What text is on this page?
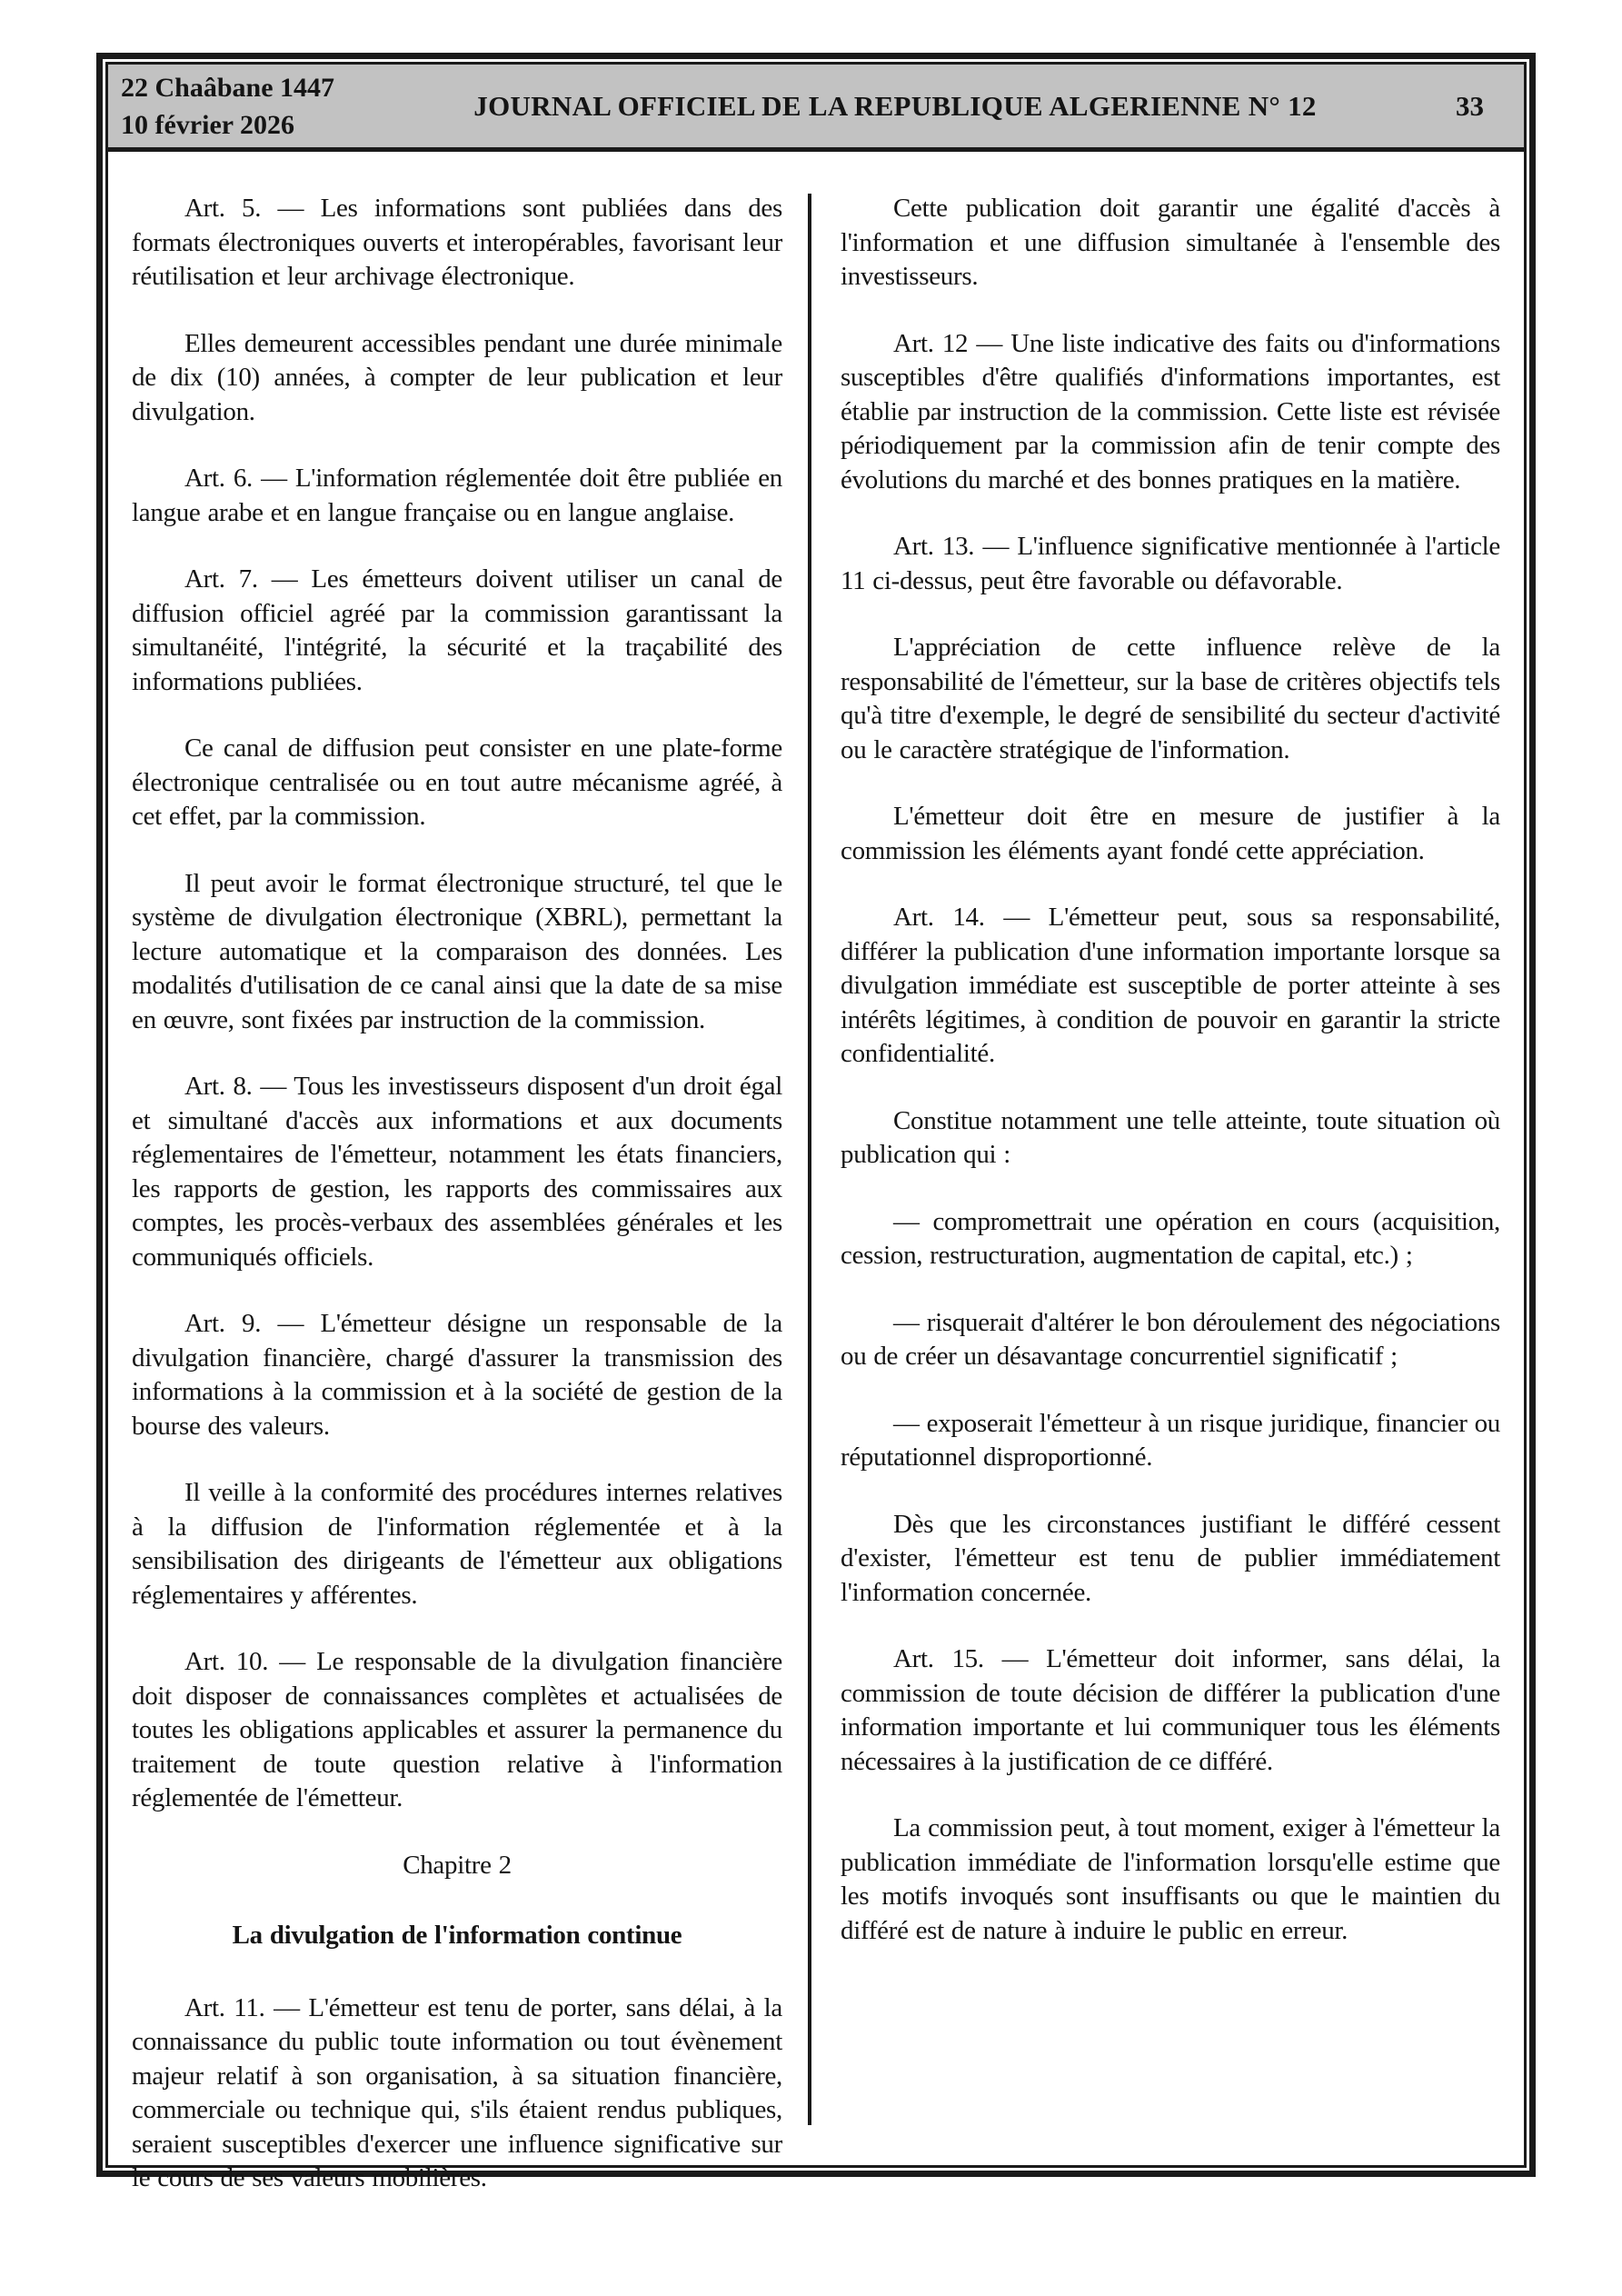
22 Chaâbane 1447
10 février 2026
JOURNAL OFFICIEL DE LA REPUBLIQUE ALGERIENNE N° 12	33

Art. 5. — Les informations sont publiées dans des formats électroniques ouverts et interopérables, favorisant leur réutilisation et leur archivage électronique.

Elles demeurent accessibles pendant une durée minimale de dix (10) années, à compter de leur publication et leur divulgation.

Art. 6. — L'information réglementée doit être publiée en langue arabe et en langue française ou en langue anglaise.

Art. 7. — Les émetteurs doivent utiliser un canal de diffusion officiel agréé par la commission garantissant la simultanéité, l'intégrité, la sécurité et la traçabilité des informations publiées.

Ce canal de diffusion peut consister en une plate-forme électronique centralisée ou en tout autre mécanisme agréé, à cet effet, par la commission.

Il peut avoir le format électronique structuré, tel que le système de divulgation électronique (XBRL), permettant la lecture automatique et la comparaison des données. Les modalités d'utilisation de ce canal ainsi que la date de sa mise en œuvre, sont fixées par instruction de la commission.

Art. 8. — Tous les investisseurs disposent d'un droit égal et simultané d'accès aux informations et aux documents réglementaires de l'émetteur, notamment les états financiers, les rapports de gestion, les rapports des commissaires aux comptes, les procès-verbaux des assemblées générales et les communiqués officiels.

Art. 9. — L'émetteur désigne un responsable de la divulgation financière, chargé d'assurer la transmission des informations à la commission et à la société de gestion de la bourse des valeurs.

Il veille à la conformité des procédures internes relatives à la diffusion de l'information réglementée et à la sensibilisation des dirigeants de l'émetteur aux obligations réglementaires y afférentes.

Art. 10. — Le responsable de la divulgation financière doit disposer de connaissances complètes et actualisées de toutes les obligations applicables et assurer la permanence du traitement de toute question relative à l'information réglementée de l'émetteur.

Chapitre 2

La divulgation de l'information continue

Art. 11. — L'émetteur est tenu de porter, sans délai, à la connaissance du public toute information ou tout évènement majeur relatif à son organisation, à sa situation financière, commerciale ou technique qui, s'ils étaient rendus publiques, seraient susceptibles d'exercer une influence significative sur le cours de ses valeurs mobilières.

Cette publication doit garantir une égalité d'accès à l'information et une diffusion simultanée à l'ensemble des investisseurs.

Art. 12 — Une liste indicative des faits ou d'informations susceptibles d'être qualifiés d'informations importantes, est établie par instruction de la commission. Cette liste est révisée périodiquement par la commission afin de tenir compte des évolutions du marché et des bonnes pratiques en la matière.

Art. 13. — L'influence significative mentionnée à l'article 11 ci-dessus, peut être favorable ou défavorable.

L'appréciation de cette influence relève de la responsabilité de l'émetteur, sur la base de critères objectifs tels qu'à titre d'exemple, le degré de sensibilité du secteur d'activité ou le caractère stratégique de l'information.

L'émetteur doit être en mesure de justifier à la commission les éléments ayant fondé cette appréciation.

Art. 14. — L'émetteur peut, sous sa responsabilité, différer la publication d'une information importante lorsque sa divulgation immédiate est susceptible de porter atteinte à ses intérêts légitimes, à condition de pouvoir en garantir la stricte confidentialité.

Constitue notamment une telle atteinte, toute situation où publication qui :

— compromettrait une opération en cours (acquisition, cession, restructuration, augmentation de capital, etc.) ;

— risquerait d'altérer le bon déroulement des négociations ou de créer un désavantage concurrentiel significatif ;

— exposerait l'émetteur à un risque juridique, financier ou réputationnel disproportionné.

Dès que les circonstances justifiant le différé cessent d'exister, l'émetteur est tenu de publier immédiatement l'information concernée.

Art. 15. — L'émetteur doit informer, sans délai, la commission de toute décision de différer la publication d'une information importante et lui communiquer tous les éléments nécessaires à la justification de ce différé.

La commission peut, à tout moment, exiger à l'émetteur la publication immédiate de l'information lorsqu'elle estime que les motifs invoqués sont insuffisants ou que le maintien du différé est de nature à induire le public en erreur.
